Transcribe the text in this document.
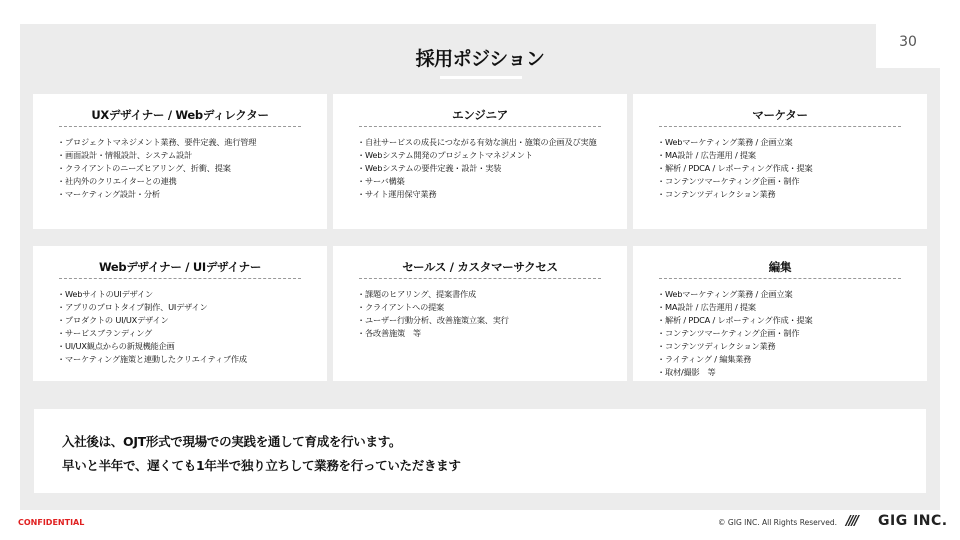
30
採用ポジション
UXデザイナー / Webディレクター
・プロジェクトマネジメント業務、要件定義、進行管理
・画面設計・情報設計、システム設計
・クライアントのニーズヒアリング、折衝、提案
・社内外のクリエイターとの連携
・マーケティング設計・分析
エンジニア
・自社サービスの成長につながる有効な演出・施策の企画及び実施
・Webシステム開発のプロジェクトマネジメント
・Webシステムの要件定義・設計・実装
・サーバ構築
・サイト運用保守業務
マーケター
・Webマーケティング業務 / 企画立案
・MA設計 / 広告運用 / 提案
・解析 / PDCA / レポーティング作成・提案
・コンテンツマーケティング企画・制作
・コンテンツディレクション業務
Webデザイナー / UIデザイナー
・WebサイトのUIデザイン
・アプリのプロトタイプ制作、UIデザイン
・プロダクトの UI/UXデザイン
・サービスブランディング
・UI/UX観点からの新規機能企画
・マーケティング施策と連動したクリエイティブ作成
セールス / カスタマーサクセス
・課題のヒアリング、提案書作成
・クライアントへの提案
・ユーザー行動分析、改善施策立案、実行
・各改善施策　等
編集
・Webマーケティング業務 / 企画立案
・MA設計 / 広告運用 / 提案
・解析 / PDCA / レポーティング作成・提案
・コンテンツマーケティング企画・制作
・コンテンツディレクション業務
・ライティング / 編集業務
・取材/撮影　等
入社後は、OJT形式で現場での実践を通して育成を行います。
早いと半年で、遅くても1年半で独り立ちして業務を行っていただきます
CONFIDENTIAL	© GIG INC. All Rights Reserved. //// GIG INC.
